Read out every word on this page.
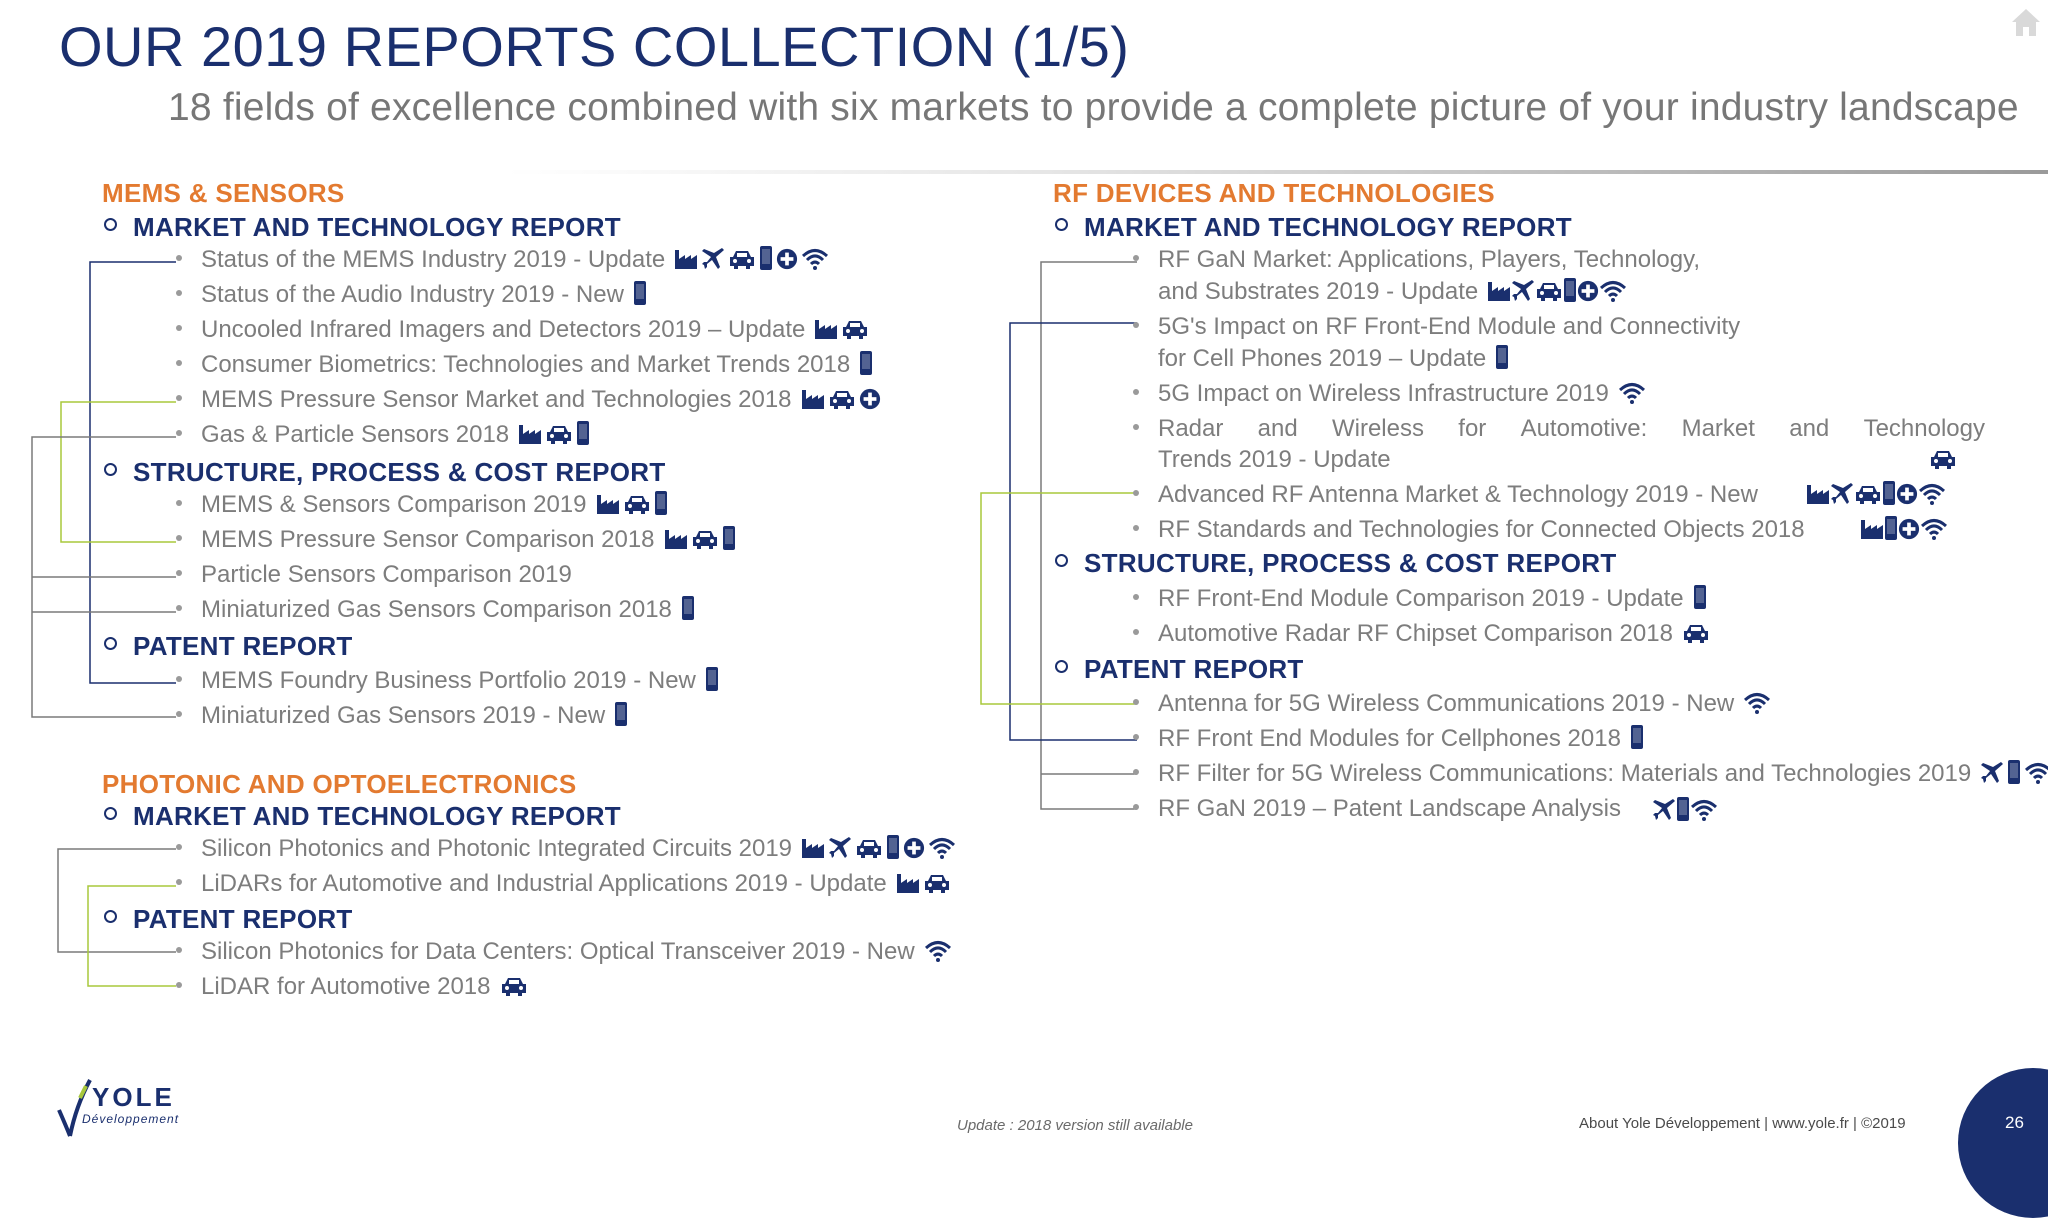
OUR 2019 REPORTS COLLECTION (1/5)
18 fields of excellence combined with six markets to provide a complete picture of your industry landscape
MEMS & SENSORS
MARKET AND TECHNOLOGY REPORT
Status of the MEMS Industry 2019 - Update
Status of the Audio Industry 2019 - New
Uncooled Infrared Imagers and Detectors 2019 – Update
Consumer Biometrics: Technologies and Market Trends 2018
MEMS Pressure Sensor Market and Technologies 2018
Gas & Particle Sensors 2018
STRUCTURE, PROCESS & COST REPORT
MEMS & Sensors Comparison 2019
MEMS Pressure Sensor Comparison 2018
Particle Sensors Comparison 2019
Miniaturized Gas Sensors Comparison 2018
PATENT REPORT
MEMS Foundry Business Portfolio 2019 - New
Miniaturized Gas Sensors 2019 - New
PHOTONIC AND OPTOELECTRONICS
MARKET AND TECHNOLOGY REPORT
Silicon Photonics and Photonic Integrated Circuits 2019
LiDARs for Automotive and Industrial Applications 2019 - Update
PATENT REPORT
Silicon Photonics for Data Centers: Optical Transceiver 2019 - New
LiDAR for Automotive 2018
RF DEVICES AND TECHNOLOGIES
MARKET AND TECHNOLOGY REPORT
RF GaN Market: Applications, Players, Technology,
and Substrates 2019 - Update
5G's Impact on RF Front-End Module and Connectivity
for Cell Phones 2019 – Update
5G Impact on Wireless Infrastructure 2019
Radar and Wireless for Automotive: Market and Technology
Trends 2019 - Update
Advanced RF Antenna Market & Technology 2019 - New
RF Standards and Technologies for Connected Objects 2018
STRUCTURE, PROCESS & COST REPORT
RF Front-End Module Comparison 2019 - Update
Automotive Radar RF Chipset Comparison 2018
PATENT REPORT
Antenna for 5G Wireless Communications 2019 - New
RF Front End Modules for Cellphones 2018
RF Filter for 5G Wireless Communications: Materials and Technologies 2019
RF GaN 2019 – Patent Landscape Analysis
YOLE
Développement	Update : 2018 version still available	About Yole Développement | www.yole.fr | ©2019	26
